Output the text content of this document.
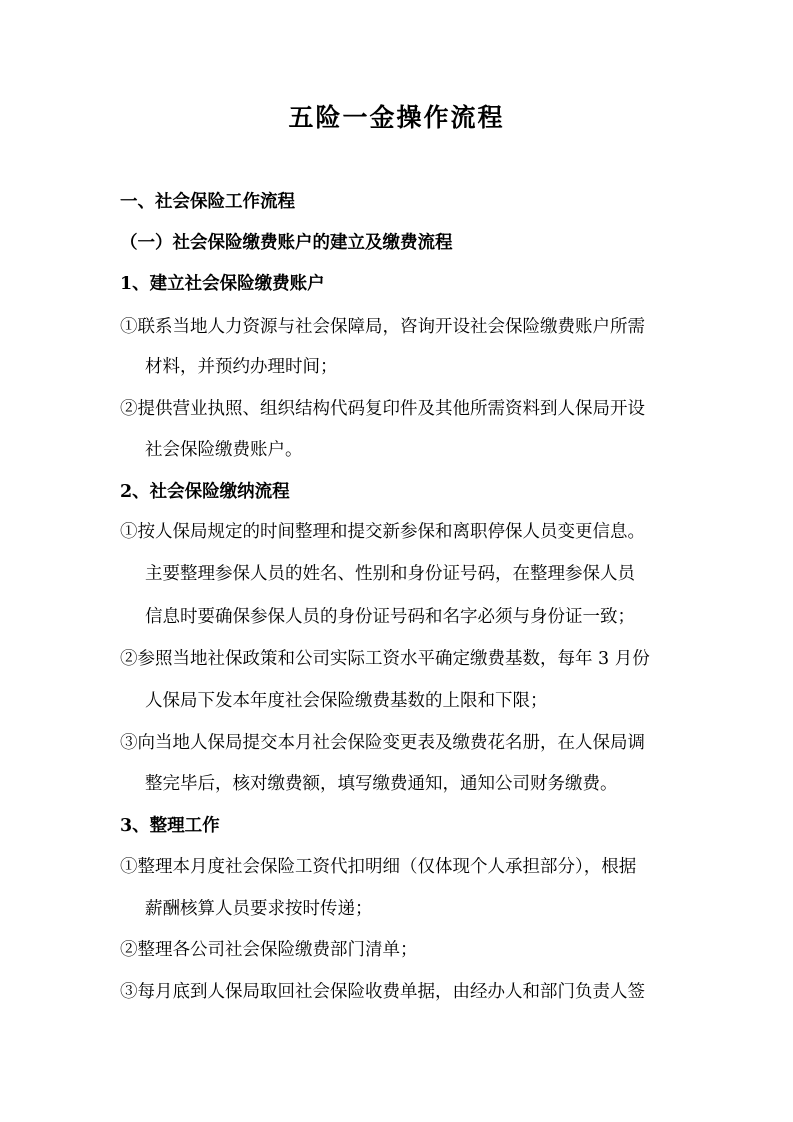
五险一金操作流程
一、社会保险工作流程
（一）社会保险缴费账户的建立及缴费流程
1、建立社会保险缴费账户
①联系当地人力资源与社会保障局，咨询开设社会保险缴费账户所需
材料，并预约办理时间；
②提供营业执照、组织结构代码复印件及其他所需资料到人保局开设
社会保险缴费账户。
2、社会保险缴纳流程
①按人保局规定的时间整理和提交新参保和离职停保人员变更信息。
主要整理参保人员的姓名、性别和身份证号码，在整理参保人员
信息时要确保参保人员的身份证号码和名字必须与身份证一致；
②参照当地社保政策和公司实际工资水平确定缴费基数，每年 3 月份
人保局下发本年度社会保险缴费基数的上限和下限；
③向当地人保局提交本月社会保险变更表及缴费花名册，在人保局调
整完毕后，核对缴费额，填写缴费通知，通知公司财务缴费。
3、整理工作
①整理本月度社会保险工资代扣明细（仅体现个人承担部分），根据
薪酬核算人员要求按时传递；
②整理各公司社会保险缴费部门清单；
③每月底到人保局取回社会保险收费单据，由经办人和部门负责人签
